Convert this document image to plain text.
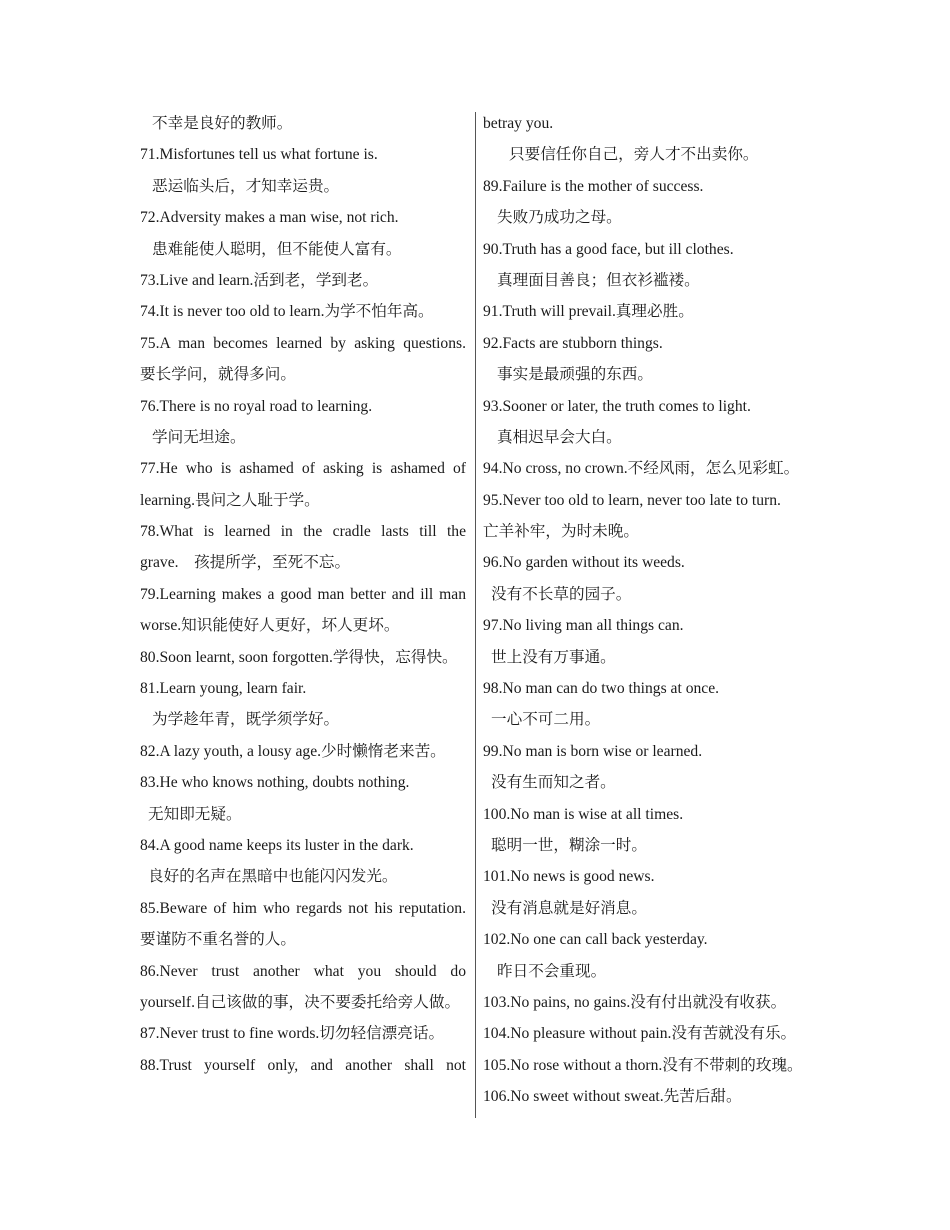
不幸是良好的教师。
71.Misfortunes tell us what fortune is.
恶运临头后，才知幸运贵。
72.Adversity makes a man wise, not rich.
患难能使人聪明，但不能使人富有。
73.Live and learn.活到老，学到老。
74.It is never too old to learn.为学不怕年高。
75.A man becomes learned by asking questions.
要长学问，就得多问。
76.There is no royal road to learning.
学问无坦途。
77.He who is ashamed of asking is ashamed of
learning.畏问之人耻于学。
78.What is learned in the cradle lasts till the
grave.　孩提所学，至死不忘。
79.Learning makes a good man better and ill man
worse.知识能使好人更好，坏人更坏。
80.Soon learnt, soon forgotten.学得快，忘得快。
81.Learn young, learn fair.
为学趁年青，既学须学好。
82.A lazy youth, a lousy age.少时懒惰老来苦。
83.He who knows nothing, doubts nothing.
无知即无疑。
84.A good name keeps its luster in the dark.
良好的名声在黑暗中也能闪闪发光。
85.Beware of him who regards not his reputation.
要谨防不重名誉的人。
86.Never trust another what you should do
yourself.自己该做的事，决不要委托给旁人做。
87.Never trust to fine words.切勿轻信漂亮话。
88.Trust yourself only, and another shall not
betray you.
只要信任你自己，旁人才不出卖你。
89.Failure is the mother of success.
失败乃成功之母。
90.Truth has a good face, but ill clothes.
真理面目善良；但衣衫褴褛。
91.Truth will prevail.真理必胜。
92.Facts are stubborn things.
事实是最顽强的东西。
93.Sooner or later, the truth comes to light.
真相迟早会大白。
94.No cross, no crown.不经风雨，怎么见彩虹。
95.Never too old to learn, never too late to turn.
亡羊补牢，为时未晚。
96.No garden without its weeds.
没有不长草的园子。
97.No living man all things can.
世上没有万事通。
98.No man can do two things at once.
一心不可二用。
99.No man is born wise or learned.
没有生而知之者。
100.No man is wise at all times.
聪明一世，糊涂一时。
101.No news is good news.
没有消息就是好消息。
102.No one can call back yesterday.
昨日不会重现。
103.No pains, no gains.没有付出就没有收获。
104.No pleasure without pain.没有苦就没有乐。
105.No rose without a thorn.没有不带刺的玫瑰。
106.No sweet without sweat.先苦后甜。
